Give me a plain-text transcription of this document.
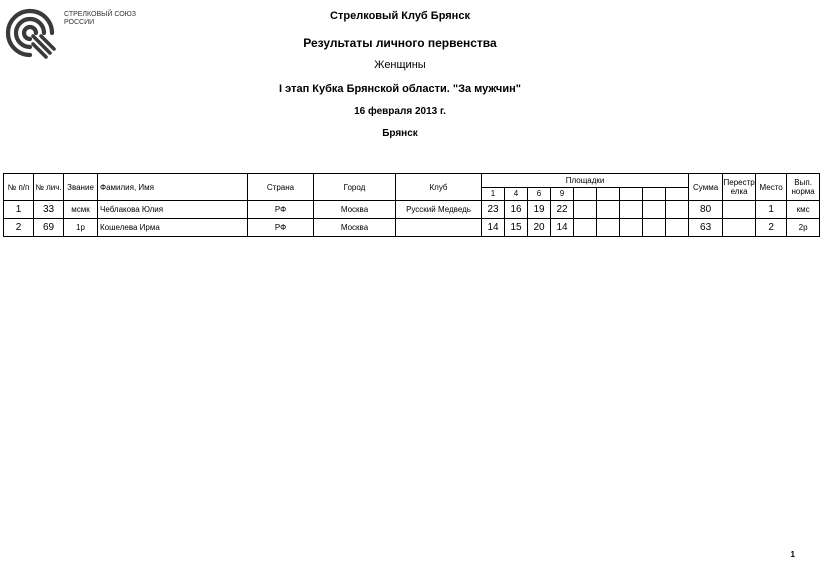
СТРЕЛКОВЫЙ СОЮЗ
РОССИИ
Стрелковый Клуб Брянск
Результаты личного первенства
Женщины
I этап Кубка Брянской области. "За мужчин"
16 февраля 2013 г.
Брянск
№ п/п	№ лич.	Звание	Фамилия, Имя	Страна	Город	Клуб	Площадки									Сумма	Перестрелка	Место	Вып. норма
							1	4	6	9									
1	33	мсмк	Чеблакова Юлия	РФ	Москва	Русский Медведь	23	16	19	22						80		1	кмс
2	69	1р	Кошелева Ирма	РФ	Москва		14	15	20	14						63		2	2р
1
